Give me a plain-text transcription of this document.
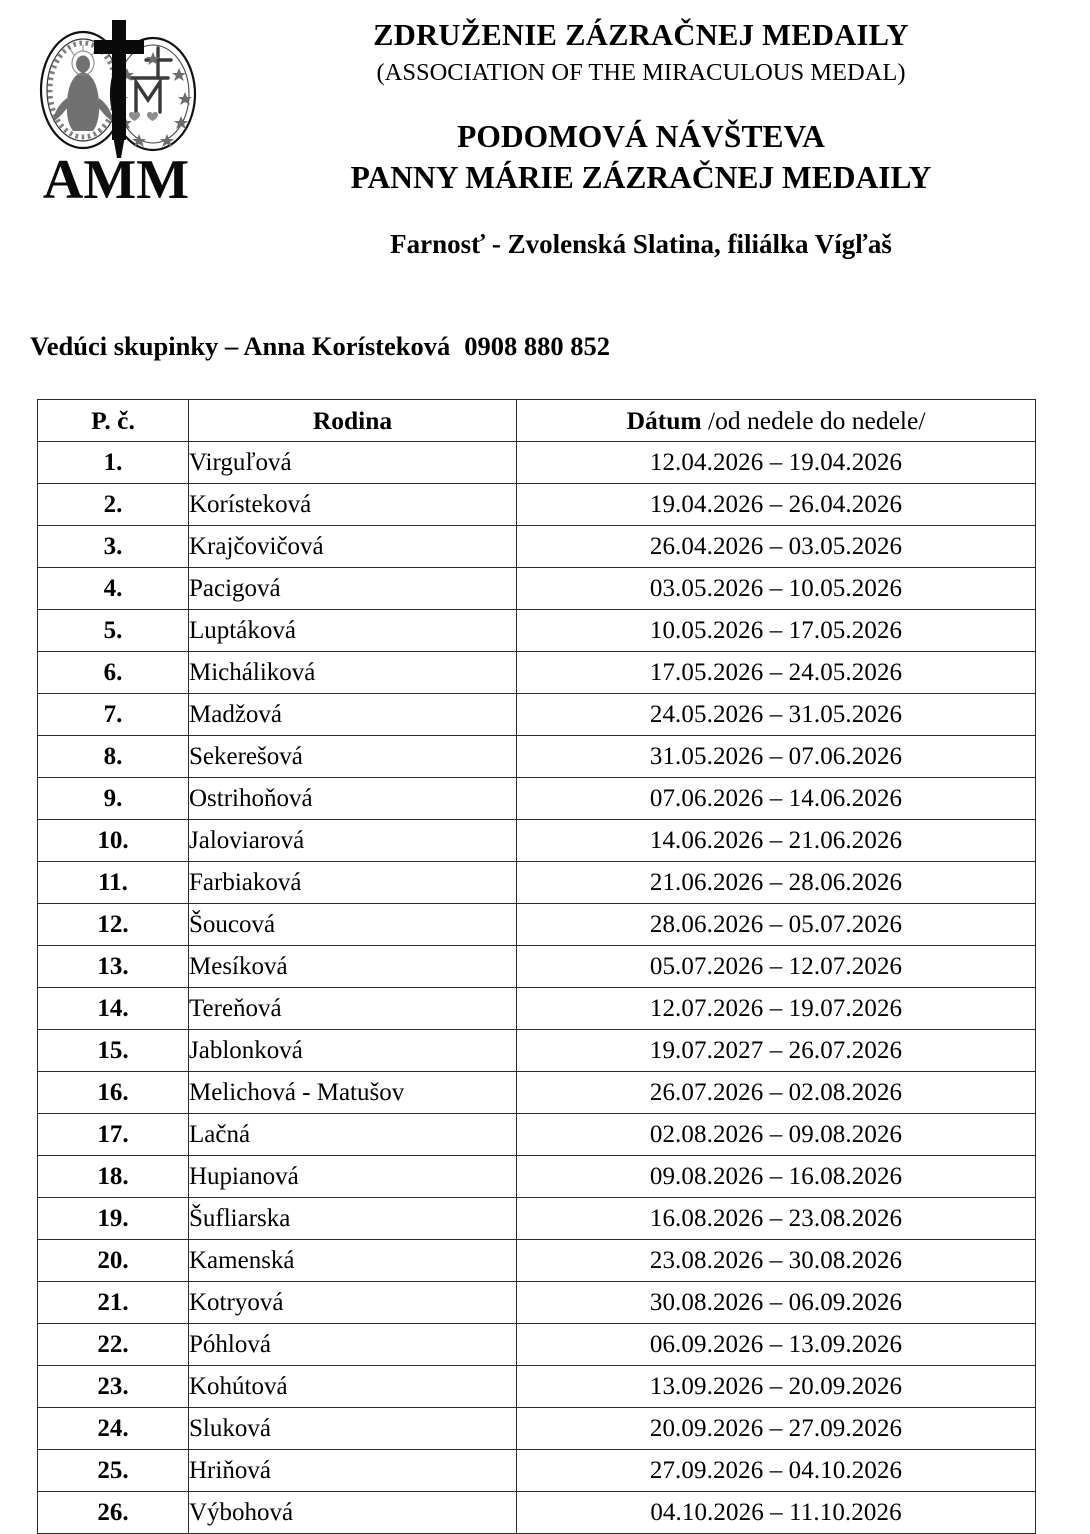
AMM
ZDRUŽENIE ZÁZRAČNEJ MEDAILY
(ASSOCIATION OF THE MIRACULOUS MEDAL)
PODOMOVÁ NÁVŠTEVA
PANNY MÁRIE ZÁZRAČNEJ MEDAILY
Farnosť - Zvolenská Slatina, filiálka Vígľaš
Vedúci skupinky – Anna Korísteková 0908 880 852
P. č.	Rodina	Dátum /od nedele do nedele/
1.	Virguľová	12.04.2026 – 19.04.2026
2.	Korísteková	19.04.2026 – 26.04.2026
3.	Krajčovičová	26.04.2026 – 03.05.2026
4.	Pacigová	03.05.2026 – 10.05.2026
5.	Luptáková	10.05.2026 – 17.05.2026
6.	Micháliková	17.05.2026 – 24.05.2026
7.	Madžová	24.05.2026 – 31.05.2026
8.	Sekerešová	31.05.2026 – 07.06.2026
9.	Ostrihoňová	07.06.2026 – 14.06.2026
10.	Jaloviarová	14.06.2026 – 21.06.2026
11.	Farbiaková	21.06.2026 – 28.06.2026
12.	Šoucová	28.06.2026 – 05.07.2026
13.	Mesíková	05.07.2026 – 12.07.2026
14.	Tereňová	12.07.2026 – 19.07.2026
15.	Jablonková	19.07.2027 – 26.07.2026
16.	Melichová - Matušov	26.07.2026 – 02.08.2026
17.	Lačná	02.08.2026 – 09.08.2026
18.	Hupianová	09.08.2026 – 16.08.2026
19.	Šufliarska	16.08.2026 – 23.08.2026
20.	Kamenská	23.08.2026 – 30.08.2026
21.	Kotryová	30.08.2026 – 06.09.2026
22.	Póhlová	06.09.2026 – 13.09.2026
23.	Kohútová	13.09.2026 – 20.09.2026
24.	Sluková	20.09.2026 – 27.09.2026
25.	Hriňová	27.09.2026 – 04.10.2026
26.	Výbohová	04.10.2026 – 11.10.2026
